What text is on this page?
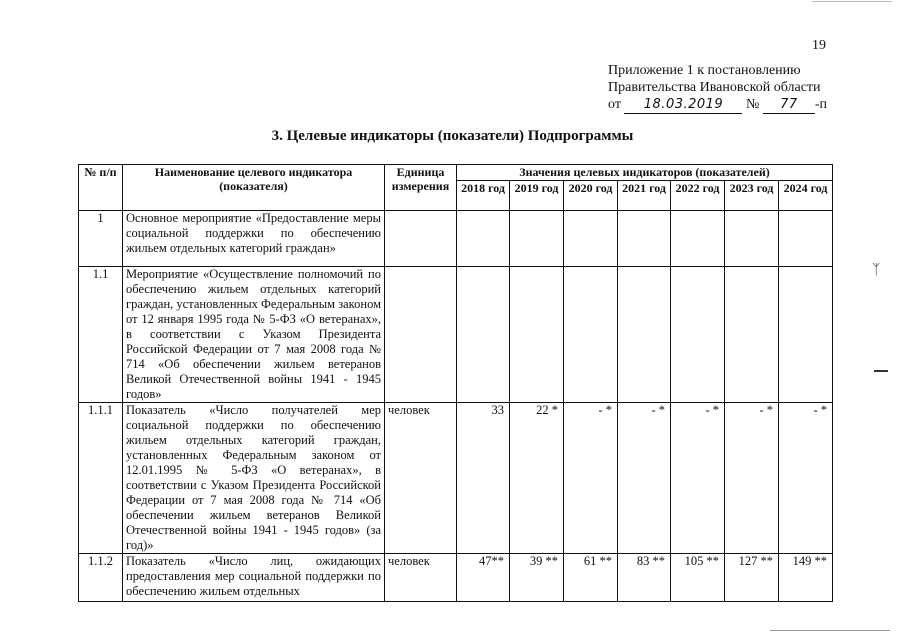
ᛉ
19
Приложение 1 к постановлению
Правительства Ивановской области
от 18.03.2019 № 77 -п
3. Целевые индикаторы (показатели) Подпрограммы
№ п/п	Наименование целевого индикатора (показателя)	Единица измерения	Значения целевых индикаторов (показателей)						
			2018 год	2019 год	2020 год	2021 год	2022 год	2023 год	2024 год
1	Основное мероприятие «Предоставление меры социальной поддержки по обеспечению жильем отдельных категорий граждан»								
1.1	Мероприятие «Осуществление полномочий по обеспечению жильем отдельных категорий граждан, установленных Федеральным законом от 12 января 1995 года № 5-ФЗ «О ветеранах», в соответствии с Указом Президента Российской Федерации от 7 мая 2008 года № 714 «Об обеспечении жильем ветеранов Великой Отечественной войны 1941 - 1945 годов»								
1.1.1	Показатель «Число получателей мер социальной поддержки по обеспечению жильем отдельных категорий граждан, установленных Федеральным законом от 12.01.1995 № 5-ФЗ «О ветеранах», в соответствии с Указом Президента Российской Федерации от 7 мая 2008 года № 714 «Об обеспечении жильем ветеранов Великой Отечественной войны 1941 - 1945 годов» (за год)»	человек	33	22 *	- *	- *	- *	- *	- *
1.1.2	Показатель «Число лиц, ожидающих предоставления мер социальной поддержки по обеспечению жильем отдельных	человек	47**	39 **	61 **	83 **	105 **	127 **	149 **
